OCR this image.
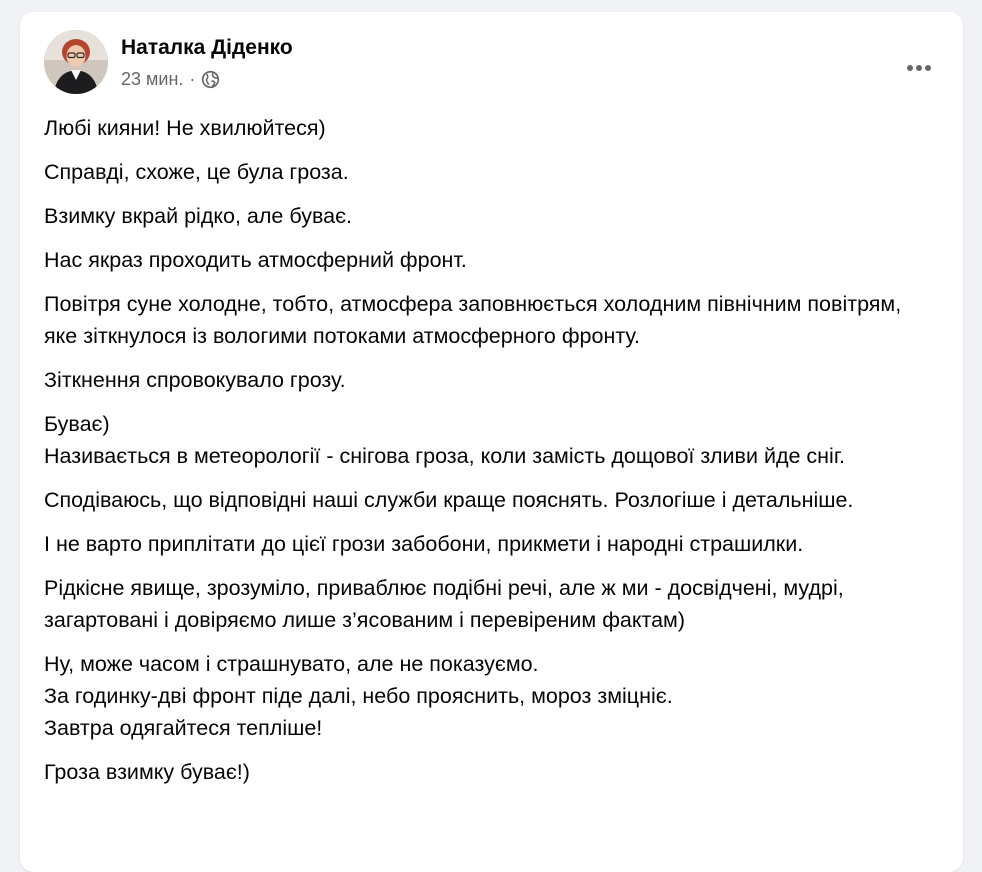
Наталка Діденко
23 мин. ·

Любі кияни! Не хвилюйтеся)

Справді, схоже, це була гроза.

Взимку вкрай рідко, але буває.

Нас якраз проходить атмосферний фронт.

Повітря суне холодне, тобто, атмосфера заповнюється холодним північним повітрям, яке зіткнулося із вологими потоками атмосферного фронту.

Зіткнення спровокувало грозу.

Буває)
Називається в метеорології - снігова гроза, коли замість дощової зливи йде сніг.

Сподіваюсь, що відповідні наші служби краще пояснять. Розлогіше і детальніше.

І не варто приплітати до цієї грози забобони, прикмети і народні страшилки.

Рідкісне явище, зрозуміло, приваблює подібні речі, але ж ми - досвідчені, мудрі, загартовані і довіряємо лише з’ясованим і перевіреним фактам)

Ну, може часом і страшнувато, але не показуємо.
За годинку-дві фронт піде далі, небо прояснить, мороз зміцніє.
Завтра одягайтеся тепліше!

Гроза взимку буває!)
